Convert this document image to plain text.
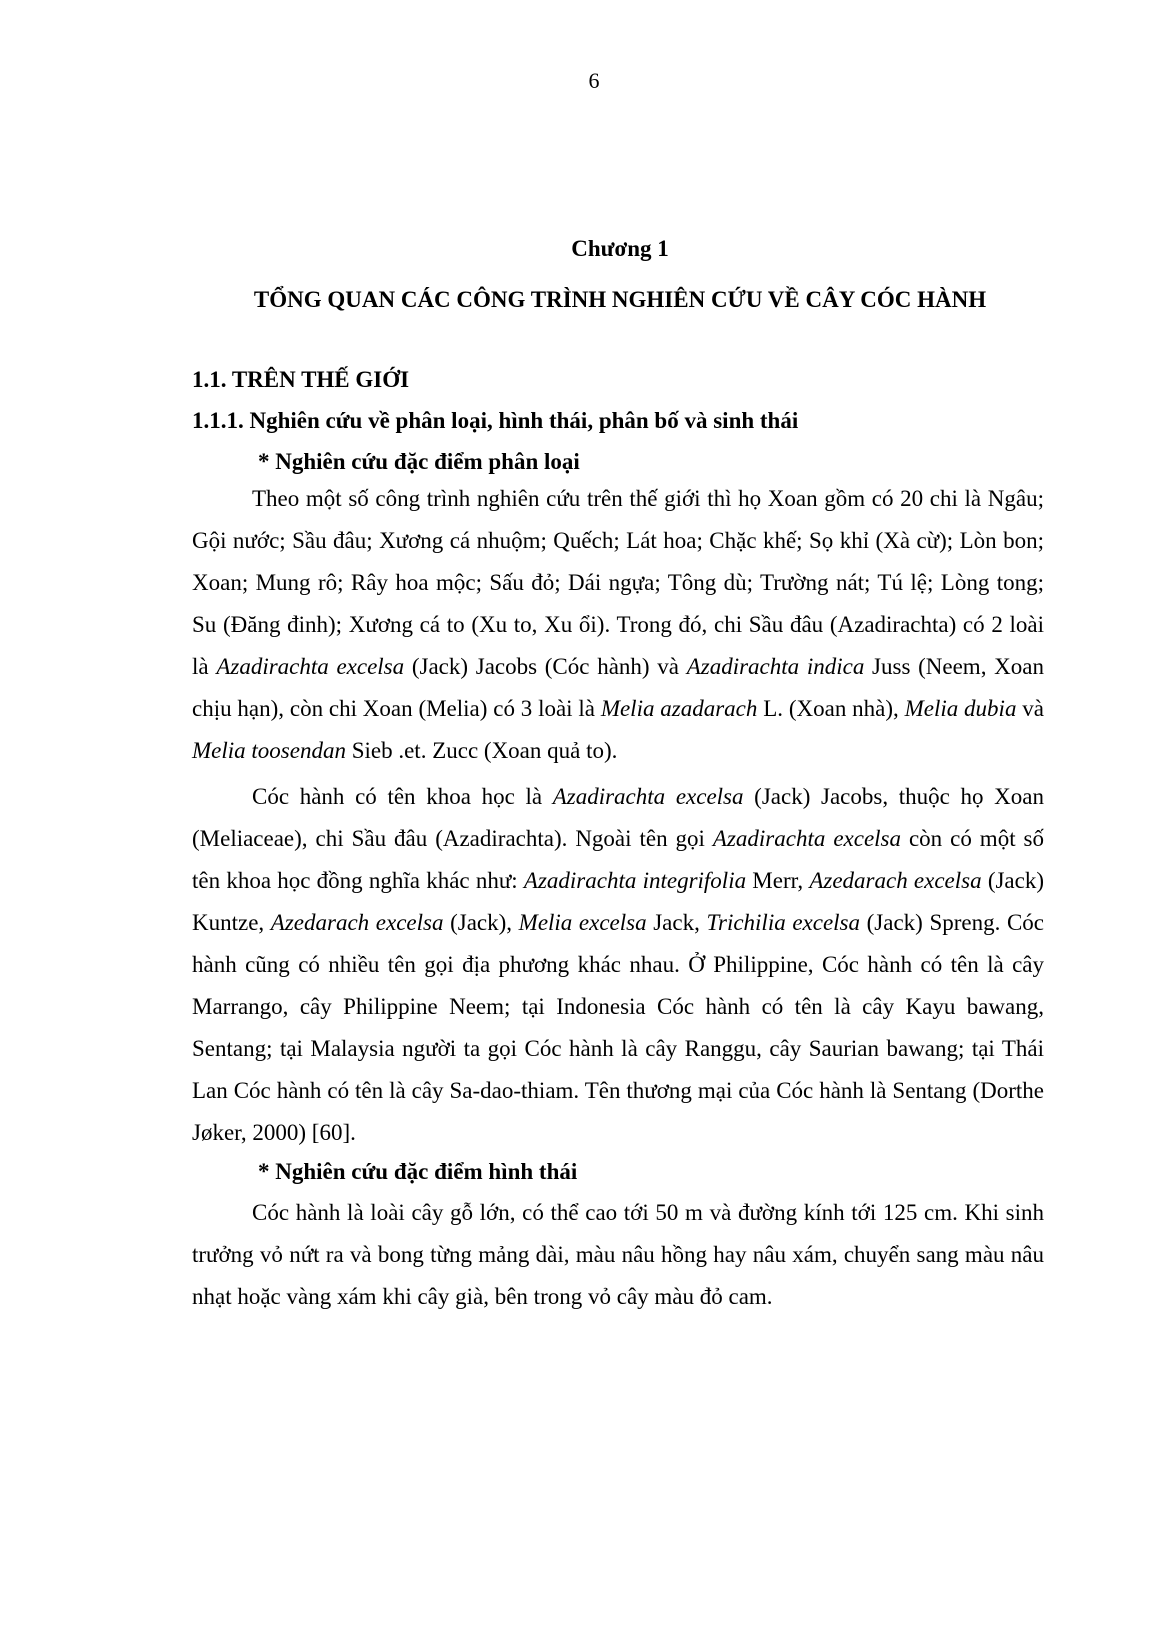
6
Chương 1
TỔNG QUAN CÁC CÔNG TRÌNH NGHIÊN CỨU VỀ CÂY CÓC HÀNH

1.1. TRÊN THẾ GIỚI

1.1.1. Nghiên cứu về phân loại, hình thái, phân bố và sinh thái

* Nghiên cứu đặc điểm phân loại

Theo một số công trình nghiên cứu trên thế giới thì họ Xoan gồm có 20 chi là Ngâu; Gội nước; Sầu đâu; Xương cá nhuộm; Quếch; Lát hoa; Chặc khế; Sọ khỉ (Xà cừ); Lòn bon; Xoan; Mung rô; Rây hoa mộc; Sấu đỏ; Dái ngựa; Tông dù; Trường nát; Tú lệ; Lòng tong; Su (Đăng đinh); Xương cá to (Xu to, Xu ổi). Trong đó, chi Sầu đâu (Azadirachta) có 2 loài là Azadirachta excelsa (Jack) Jacobs (Cóc hành) và Azadirachta indica Juss (Neem, Xoan chịu hạn), còn chi Xoan (Melia) có 3 loài là Melia azadarach L. (Xoan nhà), Melia dubia và Melia toosendan Sieb .et. Zucc (Xoan quả to).

Cóc hành có tên khoa học là Azadirachta excelsa (Jack) Jacobs, thuộc họ Xoan (Meliaceae), chi Sầu đâu (Azadirachta). Ngoài tên gọi Azadirachta excelsa còn có một số tên khoa học đồng nghĩa khác như: Azadirachta integrifolia Merr, Azedarach excelsa (Jack) Kuntze, Azedarach excelsa (Jack), Melia excelsa Jack, Trichilia excelsa (Jack) Spreng. Cóc hành cũng có nhiều tên gọi địa phương khác nhau. Ở Philippine, Cóc hành có tên là cây Marrango, cây Philippine Neem; tại Indonesia Cóc hành có tên là cây Kayu bawang, Sentang; tại Malaysia người ta gọi Cóc hành là cây Ranggu, cây Saurian bawang; tại Thái Lan Cóc hành có tên là cây Sa-dao-thiam. Tên thương mại của Cóc hành là Sentang (Dorthe Jøker, 2000) [60].

* Nghiên cứu đặc điểm hình thái

Cóc hành là loài cây gỗ lớn, có thể cao tới 50 m và đường kính tới 125 cm. Khi sinh trưởng vỏ nứt ra và bong từng mảng dài, màu nâu hồng hay nâu xám, chuyển sang màu nâu nhạt hoặc vàng xám khi cây già, bên trong vỏ cây màu đỏ cam.
